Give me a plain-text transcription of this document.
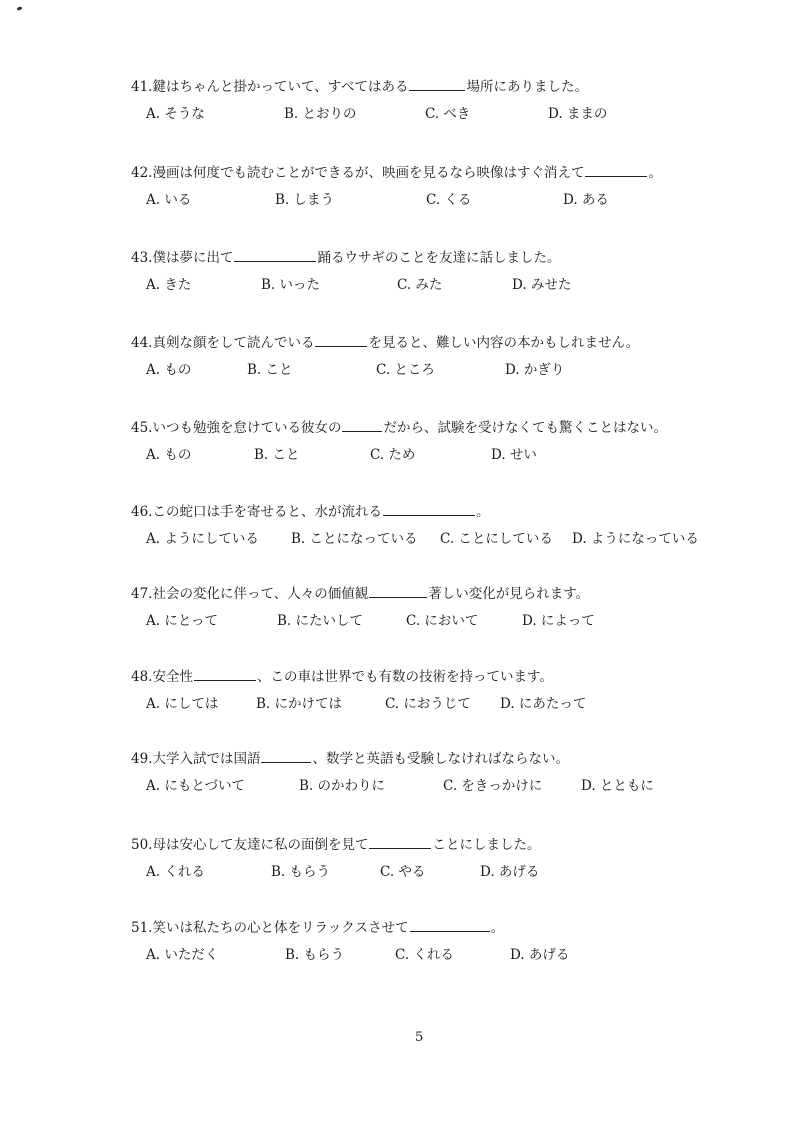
41.鍵はちゃんと掛かっていて、すべてはある	場所にありました。
A. そうな	B. とおりの	C. べき	D. ままの
42.漫画は何度でも読むことができるが、映画を見るなら映像はすぐ消えて	。
A. いる	B. しまう	C. くる	D. ある
43.僕は夢に出て	踊るウサギのことを友達に話しました。
A. きた	B. いった	C. みた	D. みせた
44.真剣な顔をして読んでいる	を見ると、難しい内容の本かもしれません。
A. もの	B. こと	C. ところ	D. かぎり
45.いつも勉強を怠けている彼女の	だから、試験を受けなくても驚くことはない。
A. もの	B. こと	C. ため	D. せい
46.この蛇口は手を寄せると、水が流れる	。
A. ようにしている B. ことになっている C. ことにしている D. ようになっている
47.社会の変化に伴って、人々の価値観	著しい変化が見られます。
A. にとって	B. にたいして	C. において	D. によって
48.安全性	、この車は世界でも有数の技術を持っています。
A. にしては	B. にかけては	C. におうじて D. にあたって
49.大学入試では国語	、数学と英語も受験しなければならない。
A. にもとづいて	B. のかわりに	C. をきっかけに	D. とともに
50.母は安心して友達に私の面倒を見て	ことにしました。
A. くれる	B. もらう	C. やる	D. あげる
51.笑いは私たちの心と体をリラックスさせて	。
A. いただく	B. もらう	C. くれる	D. あげる
5
